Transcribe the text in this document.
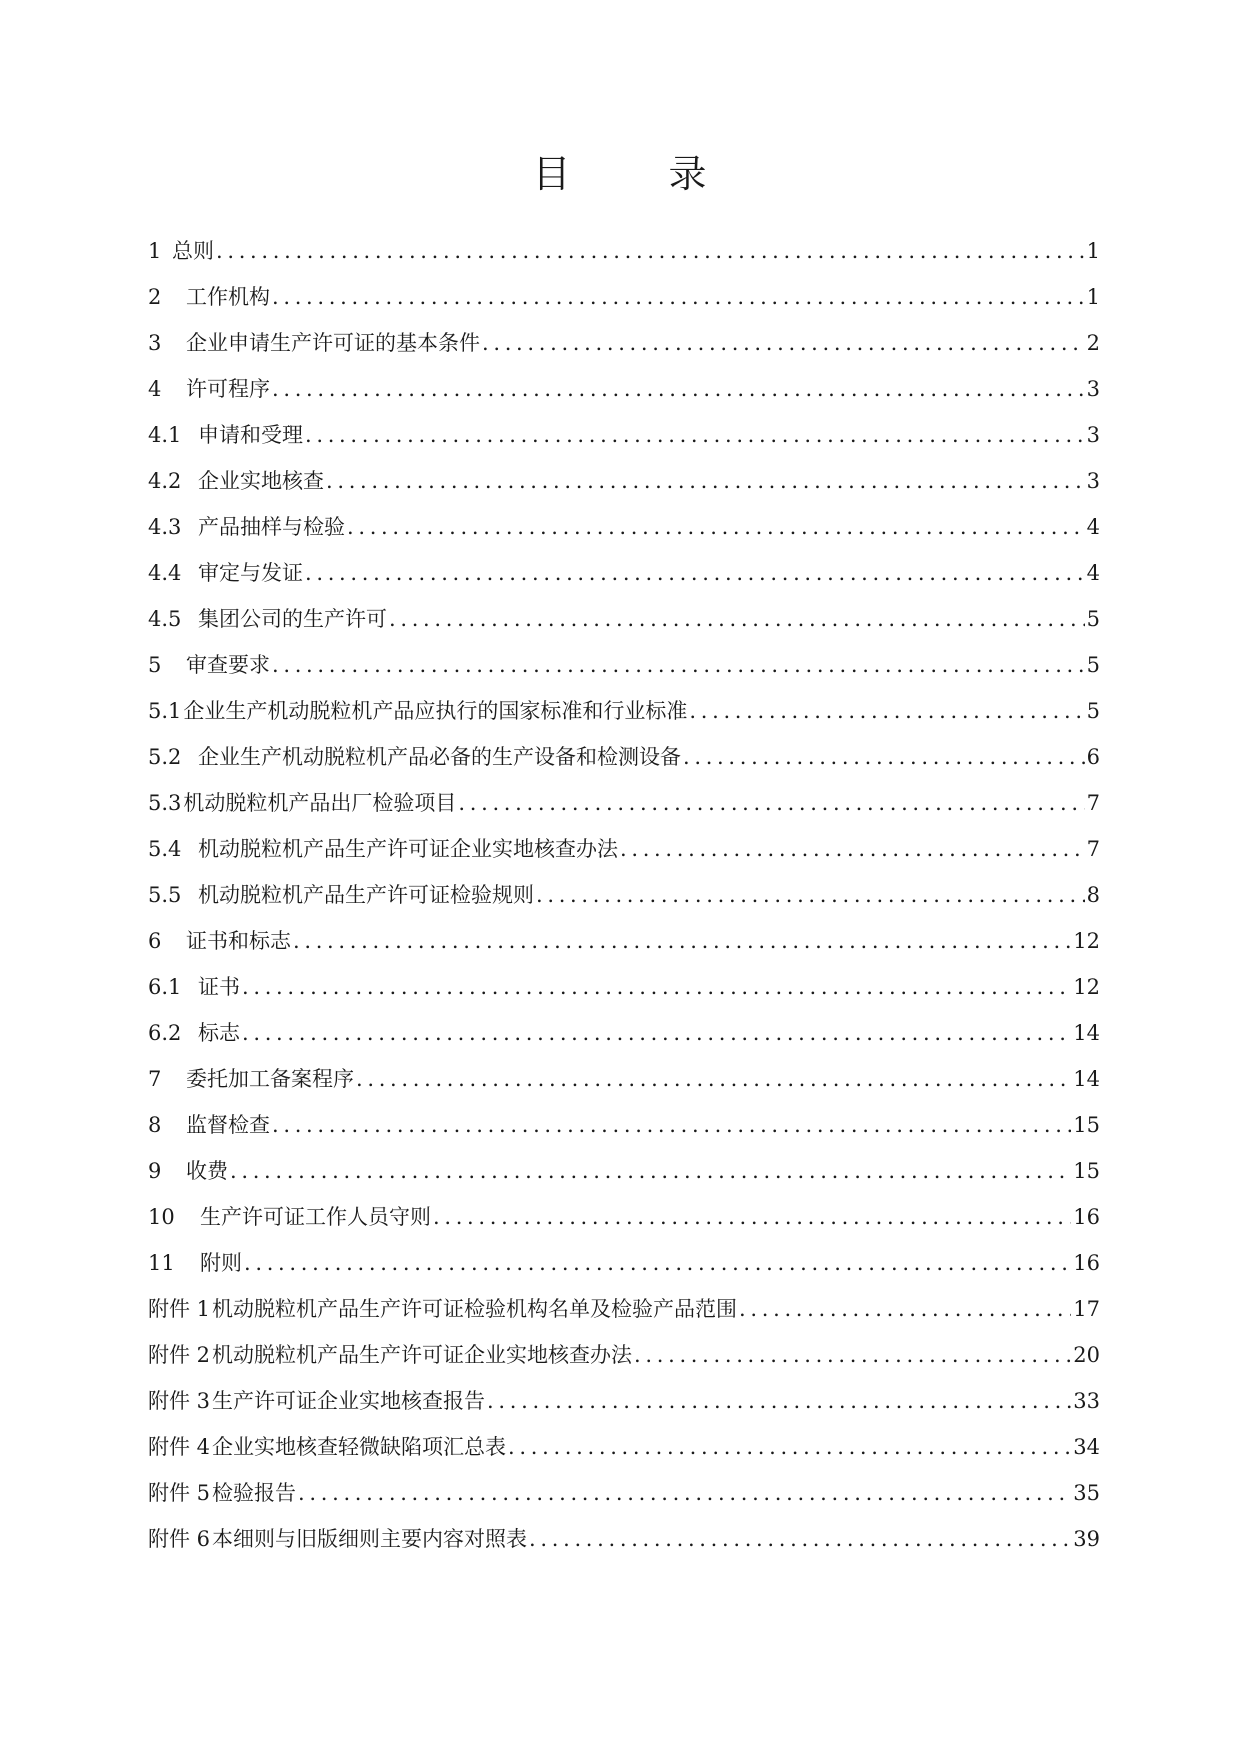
目	录
1 总则 . . .	1
2	工作机构 . . .	1
3	企业申请生产许可证的基本条件 . . .	2
4	许可程序 . . .	3
4.1 申请和受理 . . .	3
4.2 企业实地核查 . . .	3
4.3 产品抽样与检验 . . .	4
4.4 审定与发证 . . .	4
4.5 集团公司的生产许可 . . .	5
5	审查要求 . . .	5
5.1 企业生产机动脱粒机产品应执行的国家标准和行业标准 . . .	5
5.2 企业生产机动脱粒机产品必备的生产设备和检测设备 . . .	6
5.3 机动脱粒机产品出厂检验项目 . . .	7
5.4 机动脱粒机产品生产许可证企业实地核查办法 . . .	7
5.5 机动脱粒机产品生产许可证检验规则 . . .	8
6	证书和标志 . . .	12
6.1 证书 . . .	12
6.2 标志 . . .	14
7	委托加工备案程序 . . .	14
8	监督检查 . . .	15
9	收费 . . .	15
10	生产许可证工作人员守则 . . .	16
11	附则 . . .	16
附件 1 机动脱粒机产品生产许可证检验机构名单及检验产品范围 . . .	17
附件 2 机动脱粒机产品生产许可证企业实地核查办法 . . .	20
附件 3 生产许可证企业实地核查报告 . . .	33
附件 4 企业实地核查轻微缺陷项汇总表 . . .	34
附件 5 检验报告 . . .	35
附件 6 本细则与旧版细则主要内容对照表 . . .	39
